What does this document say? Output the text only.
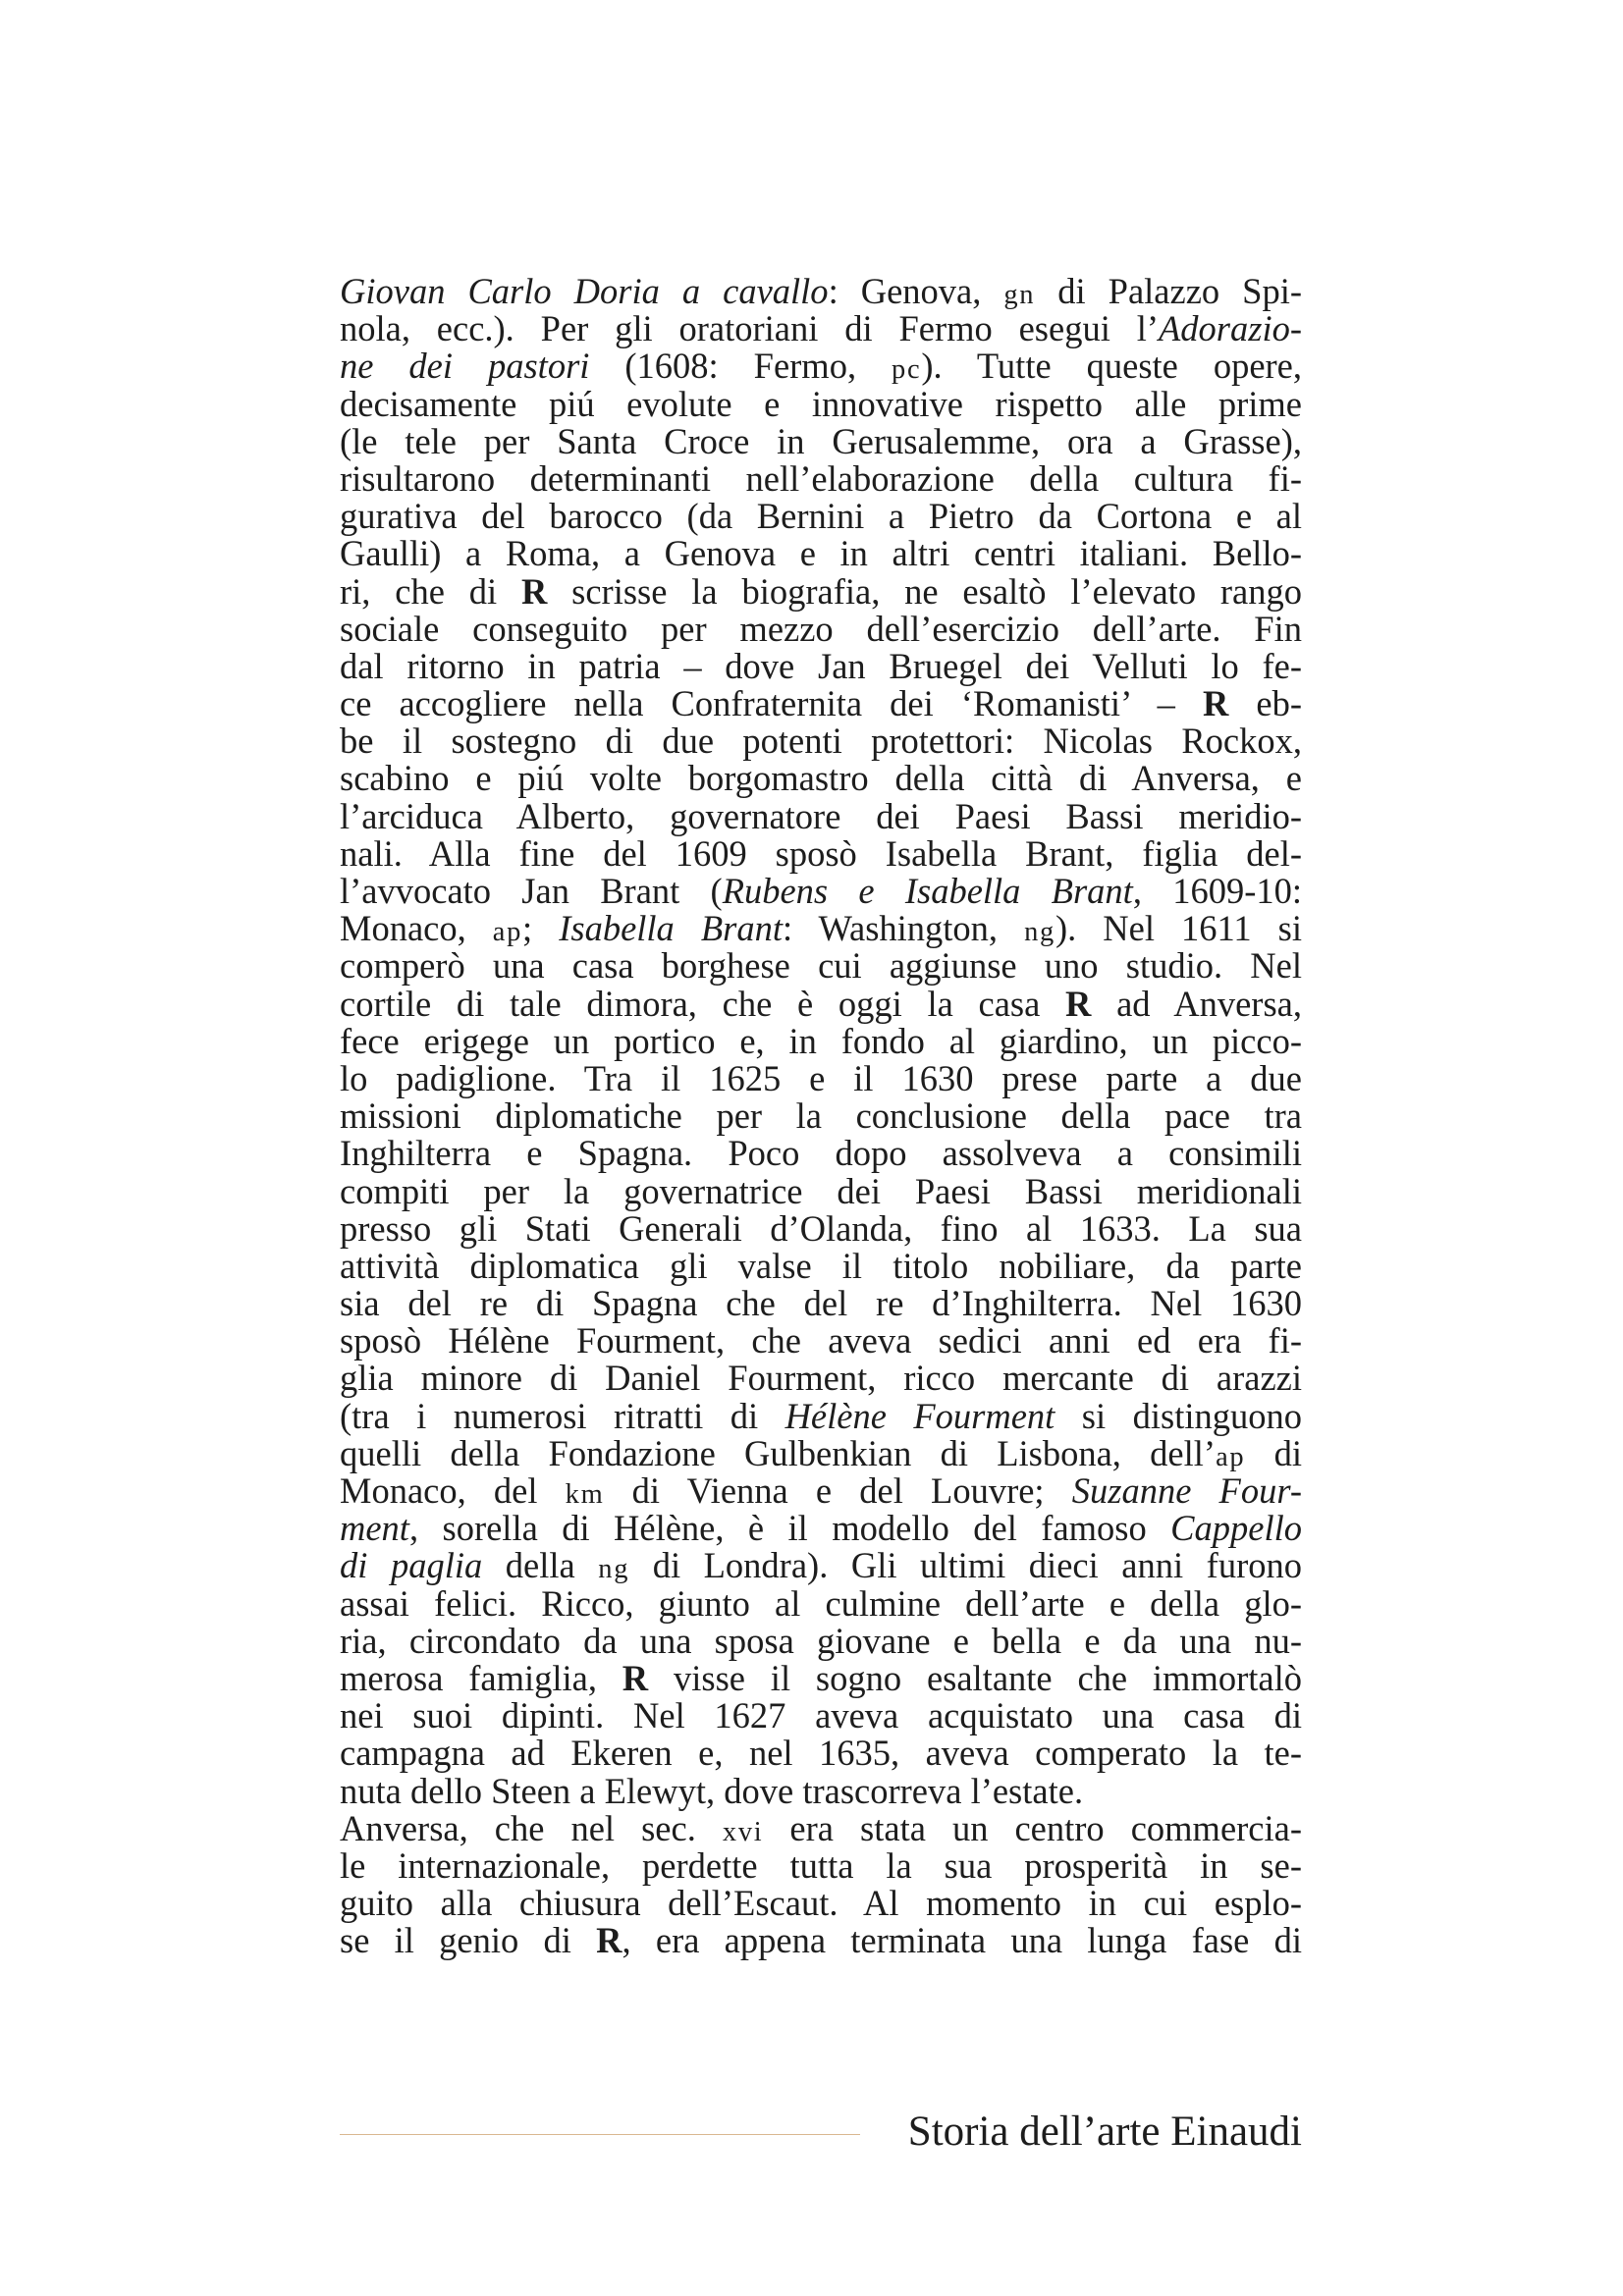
Giovan Carlo Doria a cavallo: Genova, gn di Palazzo Spi-
nola, ecc.). Per gli oratoriani di Fermo esegui l’Adorazio-
ne dei pastori (1608: Fermo, pc). Tutte queste opere,
decisamente piú evolute e innovative rispetto alle prime
(le tele per Santa Croce in Gerusalemme, ora a Grasse),
risultarono determinanti nell’elaborazione della cultura fi-
gurativa del barocco (da Bernini a Pietro da Cortona e al
Gaulli) a Roma, a Genova e in altri centri italiani. Bello-
ri, che di R scrisse la biografia, ne esaltò l’elevato rango
sociale conseguito per mezzo dell’esercizio dell’arte. Fin
dal ritorno in patria – dove Jan Bruegel dei Velluti lo fe-
ce accogliere nella Confraternita dei ‘Romanisti’ – R eb-
be il sostegno di due potenti protettori: Nicolas Rockox,
scabino e piú volte borgomastro della città di Anversa, e
l’arciduca Alberto, governatore dei Paesi Bassi meridio-
nali. Alla fine del 1609 sposò Isabella Brant, figlia del-
l’avvocato Jan Brant (Rubens e Isabella Brant, 1609-10:
Monaco, ap; Isabella Brant: Washington, ng). Nel 1611 si
comperò una casa borghese cui aggiunse uno studio. Nel
cortile di tale dimora, che è oggi la casa R ad Anversa,
fece erigege un portico e, in fondo al giardino, un picco-
lo padiglione. Tra il 1625 e il 1630 prese parte a due
missioni diplomatiche per la conclusione della pace tra
Inghilterra e Spagna. Poco dopo assolveva a consimili
compiti per la governatrice dei Paesi Bassi meridionali
presso gli Stati Generali d’Olanda, fino al 1633. La sua
attività diplomatica gli valse il titolo nobiliare, da parte
sia del re di Spagna che del re d’Inghilterra. Nel 1630
sposò Hélène Fourment, che aveva sedici anni ed era fi-
glia minore di Daniel Fourment, ricco mercante di arazzi
(tra i numerosi ritratti di Hélène Fourment si distinguono
quelli della Fondazione Gulbenkian di Lisbona, dell’ap di
Monaco, del km di Vienna e del Louvre; Suzanne Four-
ment, sorella di Hélène, è il modello del famoso Cappello
di paglia della ng di Londra). Gli ultimi dieci anni furono
assai felici. Ricco, giunto al culmine dell’arte e della glo-
ria, circondato da una sposa giovane e bella e da una nu-
merosa famiglia, R visse il sogno esaltante che immortalò
nei suoi dipinti. Nel 1627 aveva acquistato una casa di
campagna ad Ekeren e, nel 1635, aveva comperato la te-
nuta dello Steen a Elewyt, dove trascorreva l’estate.
Anversa, che nel sec. xvi era stata un centro commercia-
le internazionale, perdette tutta la sua prosperità in se-
guito alla chiusura dell’Escaut. Al momento in cui esplo-
se il genio di R, era appena terminata una lunga fase di
Storia dell’arte Einaudi
